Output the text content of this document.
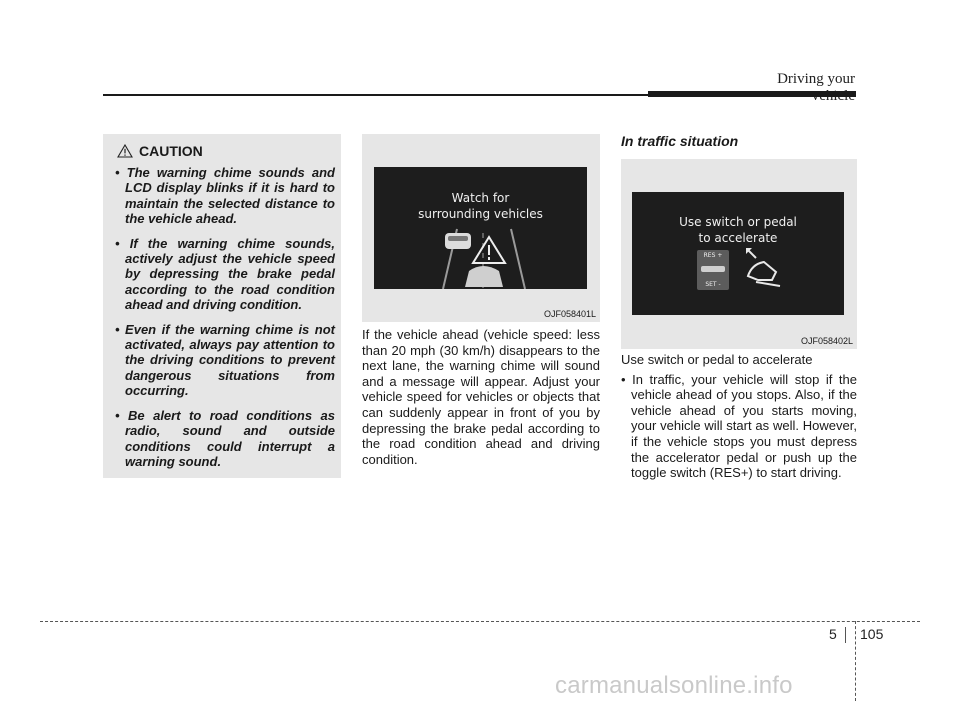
Driving your
CAUTION
• The warning chime sounds and LCD display blinks if it is hard to maintain the selected distance to the vehicle ahead.
• If the warning chime sounds, actively adjust the vehicle speed by depressing the brake pedal according to the road condition ahead and driving condition.
• Even if the warning chime is not activated, always pay attention to the driving conditions to prevent dangerous situations from occurring.
• Be alert to road conditions as radio, sound and outside conditions could interrupt a warning sound.
Watch for
surrounding vehicles
OJF058401L
If the vehicle ahead (vehicle speed: less than 20 mph (30 km/h) disappears to the next lane, the warning chime will sound and a message will appear. Adjust your vehicle speed for vehicles or objects that can suddenly appear in front of you by depressing the brake pedal according to the road condition ahead and driving condition.
In traffic situation
Use switch or pedal
to accelerate
RES +
SET -
OJF058402L
Use switch or pedal to accelerate
• In traffic, your vehicle will stop if the vehicle ahead of you stops. Also, if the vehicle ahead of you starts moving, your vehicle will start as well. However, if the vehicle stops you must depress the accelerator pedal or push up the toggle switch (RES+) to start driving.
5 105
carmanualsonline.info
